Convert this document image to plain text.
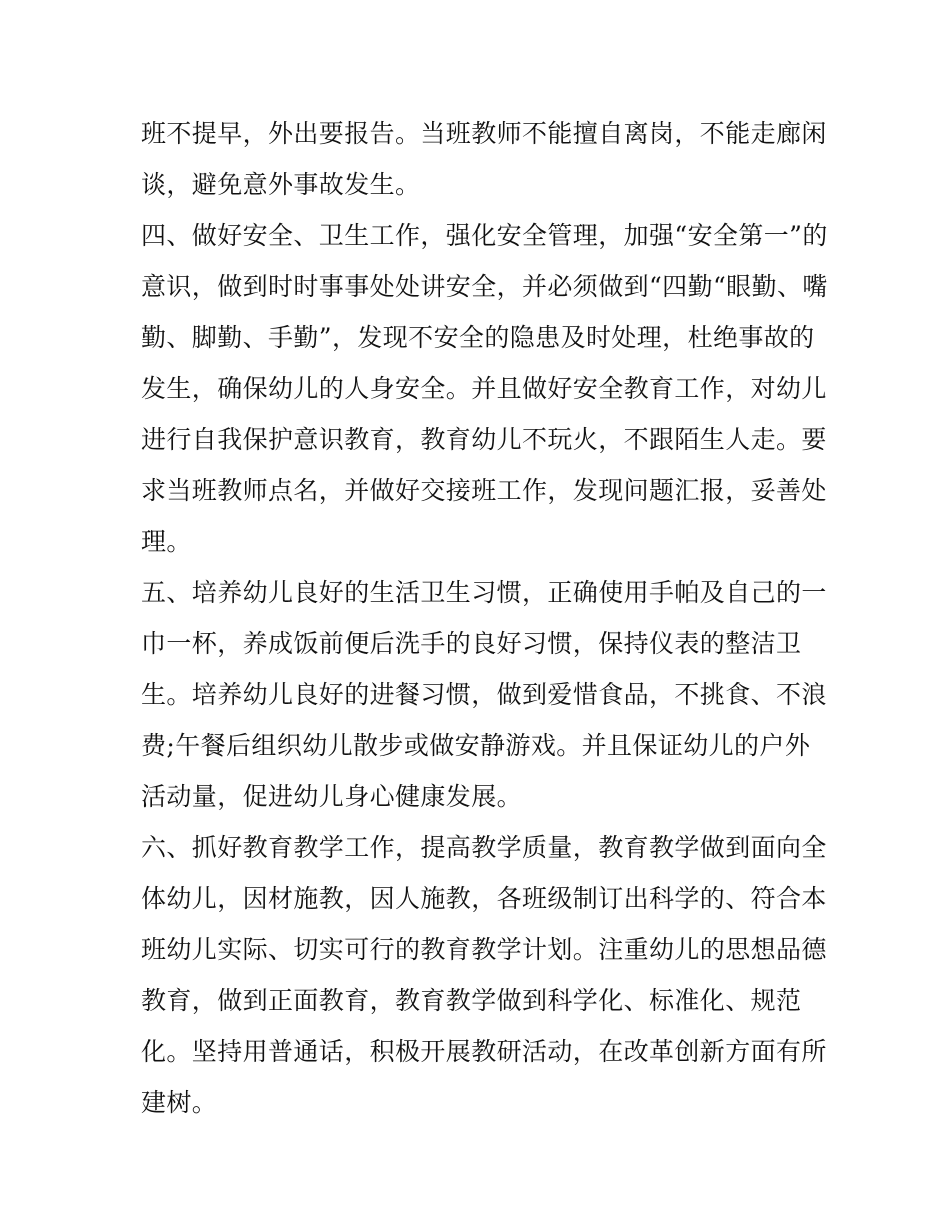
班不提早，外出要报告。当班教师不能擅自离岗，不能走廊闲
谈，避免意外事故发生。
四、做好安全、卫生工作，强化安全管理，加强“安全第一”的
意识，做到时时事事处处讲安全，并必须做到“四勤“眼勤、嘴
勤、脚勤、手勤”，发现不安全的隐患及时处理，杜绝事故的
发生，确保幼儿的人身安全。并且做好安全教育工作，对幼儿
进行自我保护意识教育，教育幼儿不玩火，不跟陌生人走。要
求当班教师点名，并做好交接班工作，发现问题汇报，妥善处
理。
五、培养幼儿良好的生活卫生习惯，正确使用手帕及自己的一
巾一杯，养成饭前便后洗手的良好习惯，保持仪表的整洁卫
生。培养幼儿良好的进餐习惯，做到爱惜食品，不挑食、不浪
费;午餐后组织幼儿散步或做安静游戏。并且保证幼儿的户外
活动量，促进幼儿身心健康发展。
六、抓好教育教学工作，提高教学质量，教育教学做到面向全
体幼儿，因材施教，因人施教，各班级制订出科学的、符合本
班幼儿实际、切实可行的教育教学计划。注重幼儿的思想品德
教育，做到正面教育，教育教学做到科学化、标准化、规范
化。坚持用普通话，积极开展教研活动，在改革创新方面有所
建树。
